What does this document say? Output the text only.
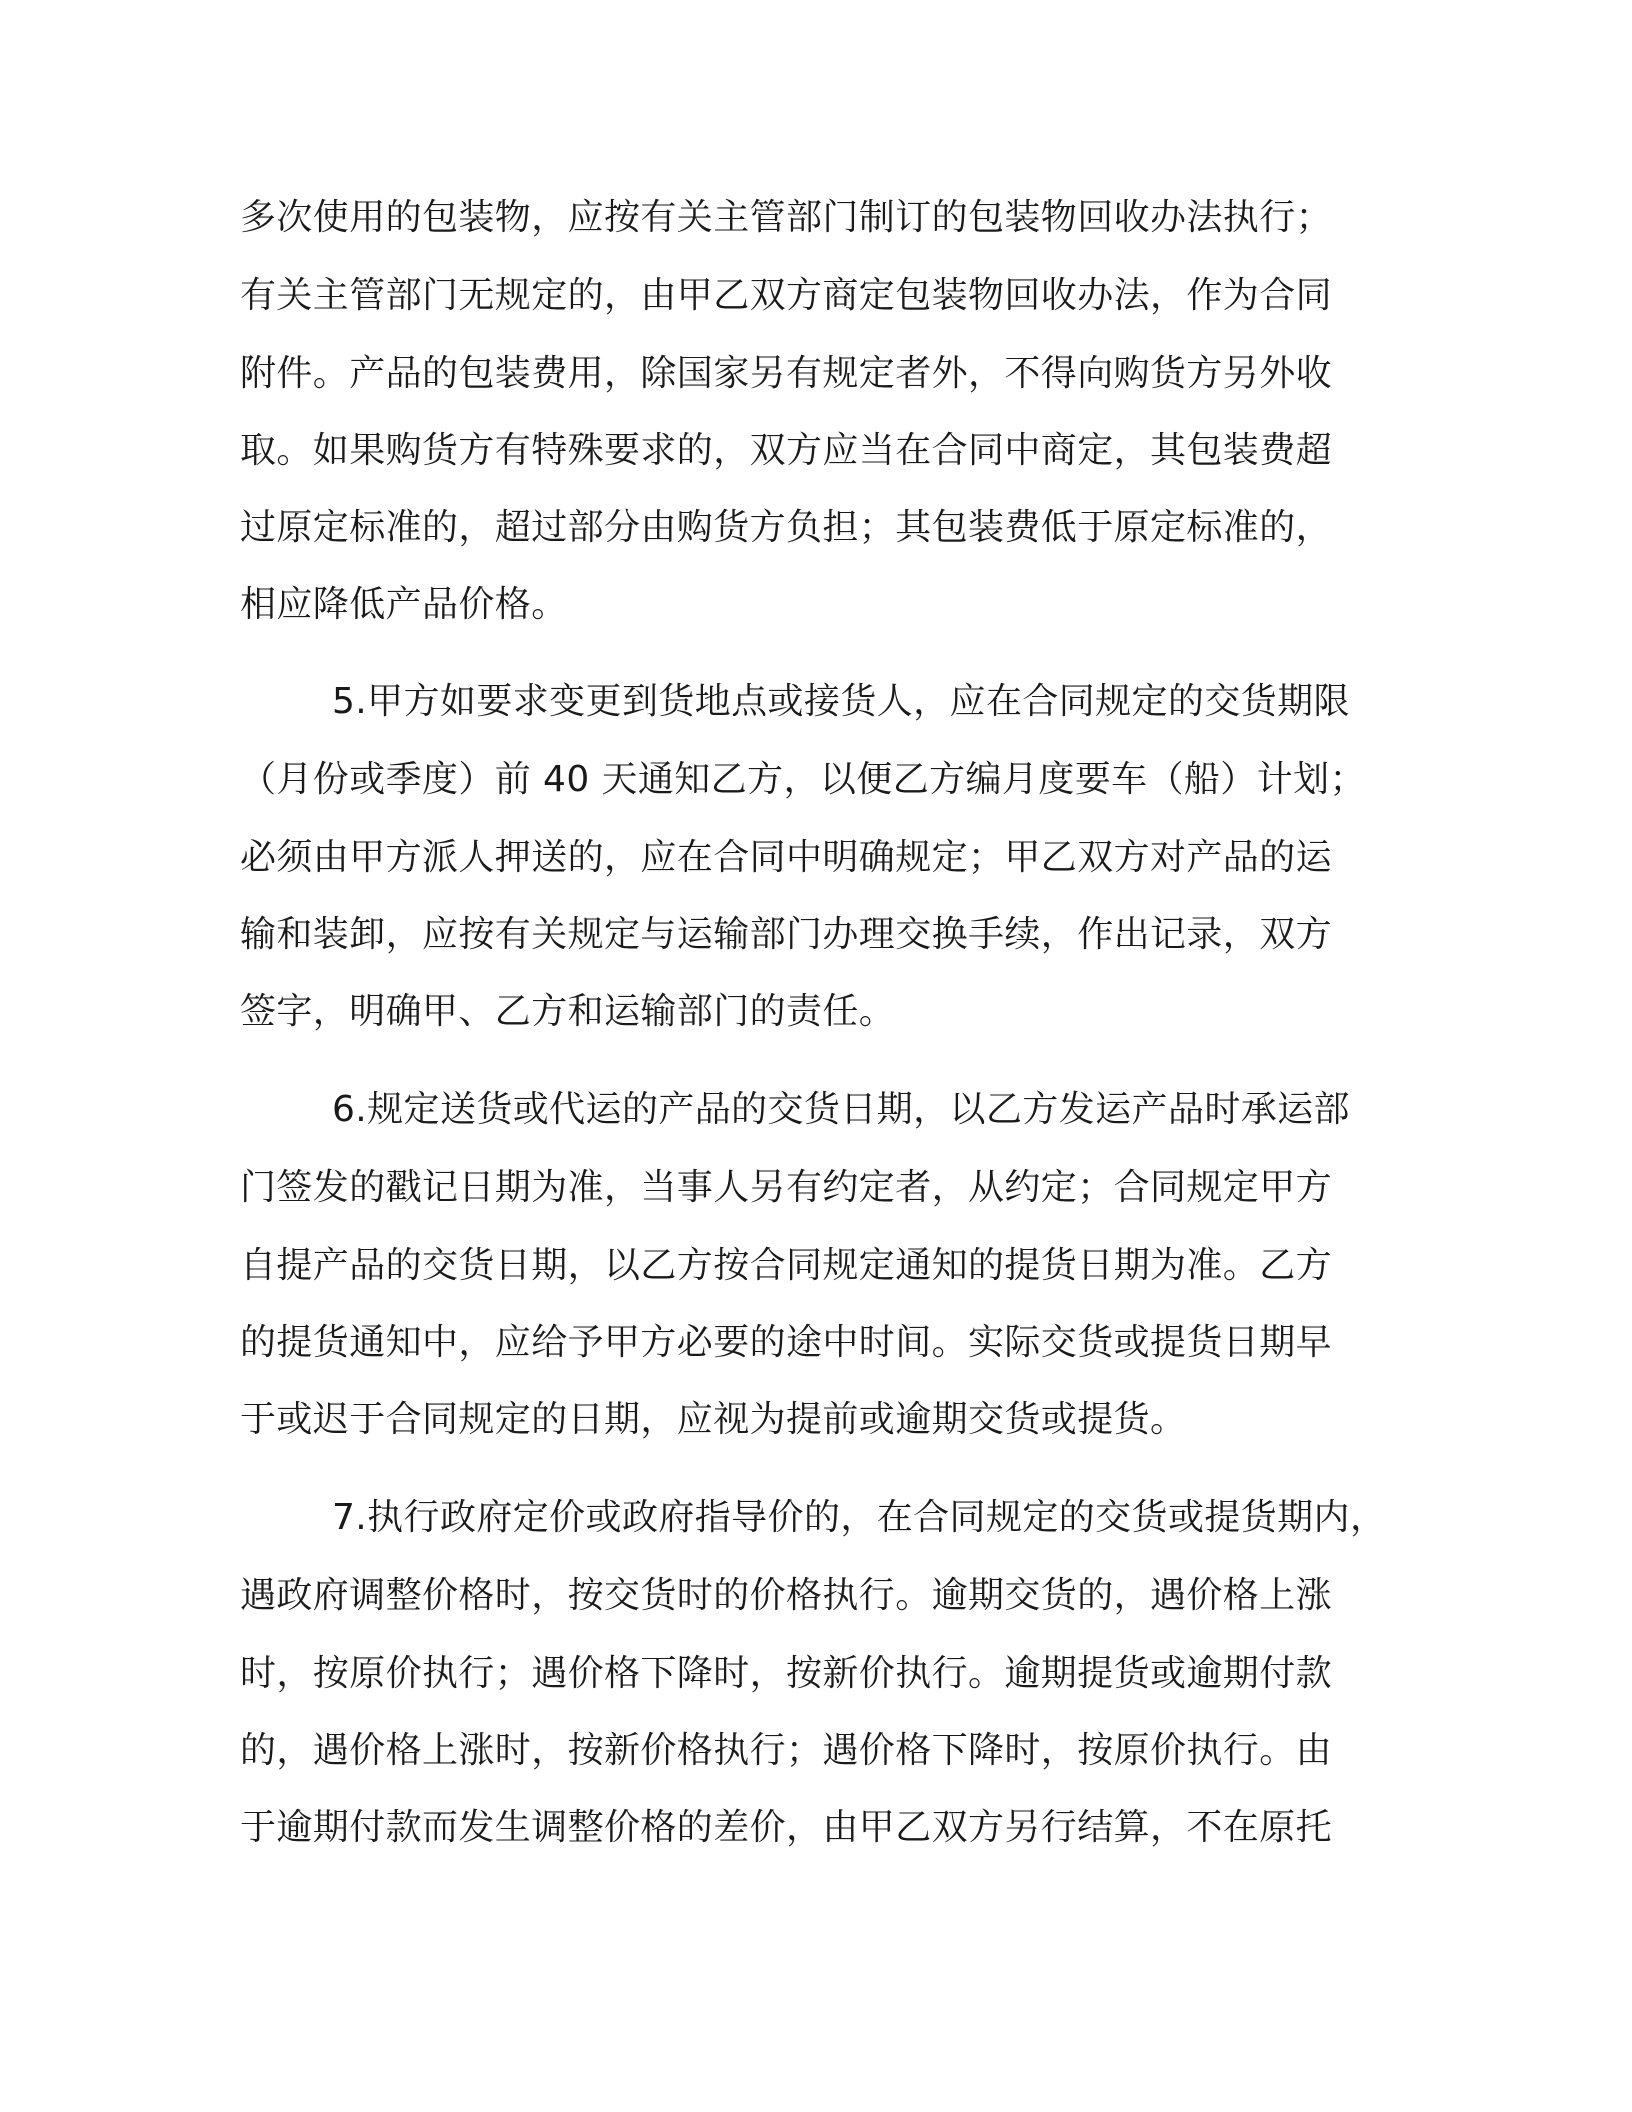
多次使用的包装物，应按有关主管部门制订的包装物回收办法执行；
有关主管部门无规定的，由甲乙双方商定包装物回收办法，作为合同
附件。产品的包装费用，除国家另有规定者外，不得向购货方另外收
取。如果购货方有特殊要求的，双方应当在合同中商定，其包装费超
过原定标准的，超过部分由购货方负担；其包装费低于原定标准的，
相应降低产品价格。
5.甲方如要求变更到货地点或接货人，应在合同规定的交货期限
（月份或季度）前 40 天通知乙方，以便乙方编月度要车（船）计划；
必须由甲方派人押送的，应在合同中明确规定；甲乙双方对产品的运
输和装卸，应按有关规定与运输部门办理交换手续，作出记录，双方
签字，明确甲、乙方和运输部门的责任。
6.规定送货或代运的产品的交货日期，以乙方发运产品时承运部
门签发的戳记日期为准，当事人另有约定者，从约定；合同规定甲方
自提产品的交货日期，以乙方按合同规定通知的提货日期为准。乙方
的提货通知中，应给予甲方必要的途中时间。实际交货或提货日期早
于或迟于合同规定的日期，应视为提前或逾期交货或提货。
7.执行政府定价或政府指导价的，在合同规定的交货或提货期内，
遇政府调整价格时，按交货时的价格执行。逾期交货的，遇价格上涨
时，按原价执行；遇价格下降时，按新价执行。逾期提货或逾期付款
的，遇价格上涨时，按新价格执行；遇价格下降时，按原价执行。由
于逾期付款而发生调整价格的差价，由甲乙双方另行结算，不在原托
